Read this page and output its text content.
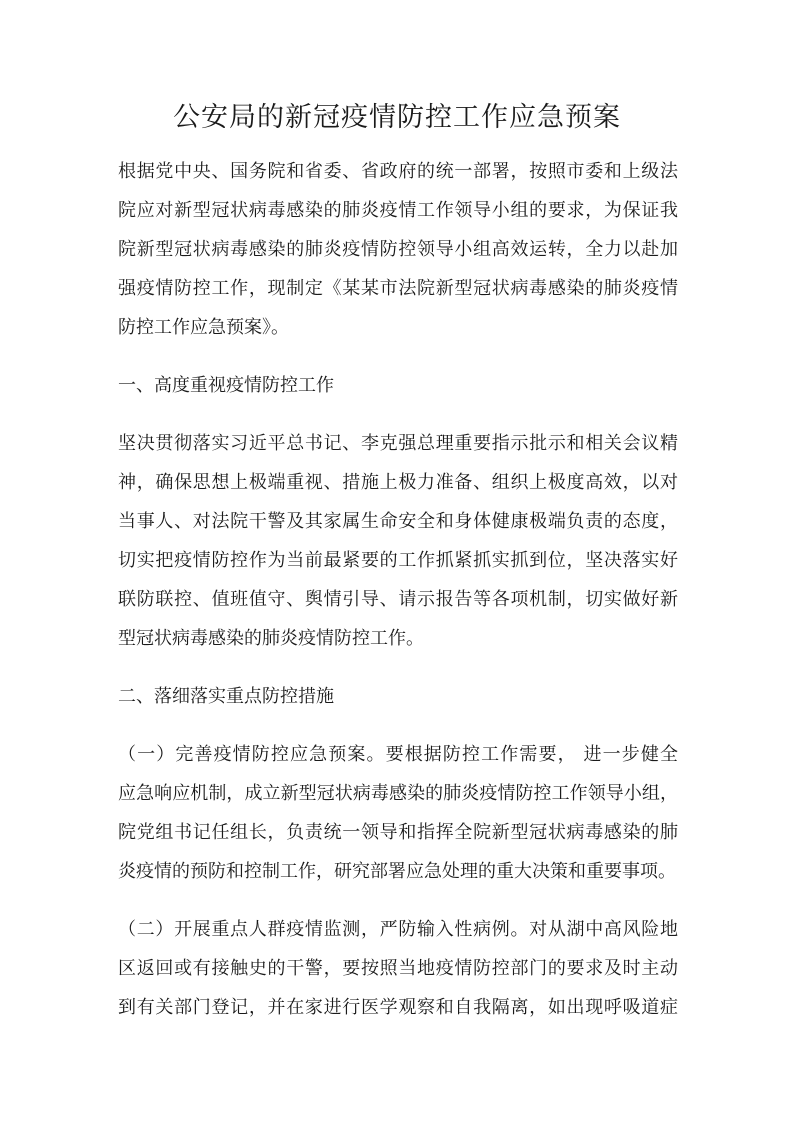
公安局的新冠疫情防控工作应急预案
根据党中央、国务院和省委、省政府的统一部署，按照市委和上级法
院应对新型冠状病毒感染的肺炎疫情工作领导小组的要求，为保证我
院新型冠状病毒感染的肺炎疫情防控领导小组高效运转，全力以赴加
强疫情防控工作，现制定《某某市法院新型冠状病毒感染的肺炎疫情
防控工作应急预案》。
一、高度重视疫情防控工作
坚决贯彻落实习近平总书记、李克强总理重要指示批示和相关会议精
神，确保思想上极端重视、措施上极力准备、组织上极度高效，以对
当事人、对法院干警及其家属生命安全和身体健康极端负责的态度，
切实把疫情防控作为当前最紧要的工作抓紧抓实抓到位，坚决落实好
联防联控、值班值守、舆情引导、请示报告等各项机制，切实做好新
型冠状病毒感染的肺炎疫情防控工作。
二、落细落实重点防控措施
（一）完善疫情防控应急预案。要根据防控工作需要， 进一步健全
应急响应机制，成立新型冠状病毒感染的肺炎疫情防控工作领导小组，
院党组书记任组长，负责统一领导和指挥全院新型冠状病毒感染的肺
炎疫情的预防和控制工作，研究部署应急处理的重大决策和重要事项。
（二）开展重点人群疫情监测，严防输入性病例。对从湖中高风险地
区返回或有接触史的干警，要按照当地疫情防控部门的要求及时主动
到有关部门登记，并在家进行医学观察和自我隔离，如出现呼吸道症
